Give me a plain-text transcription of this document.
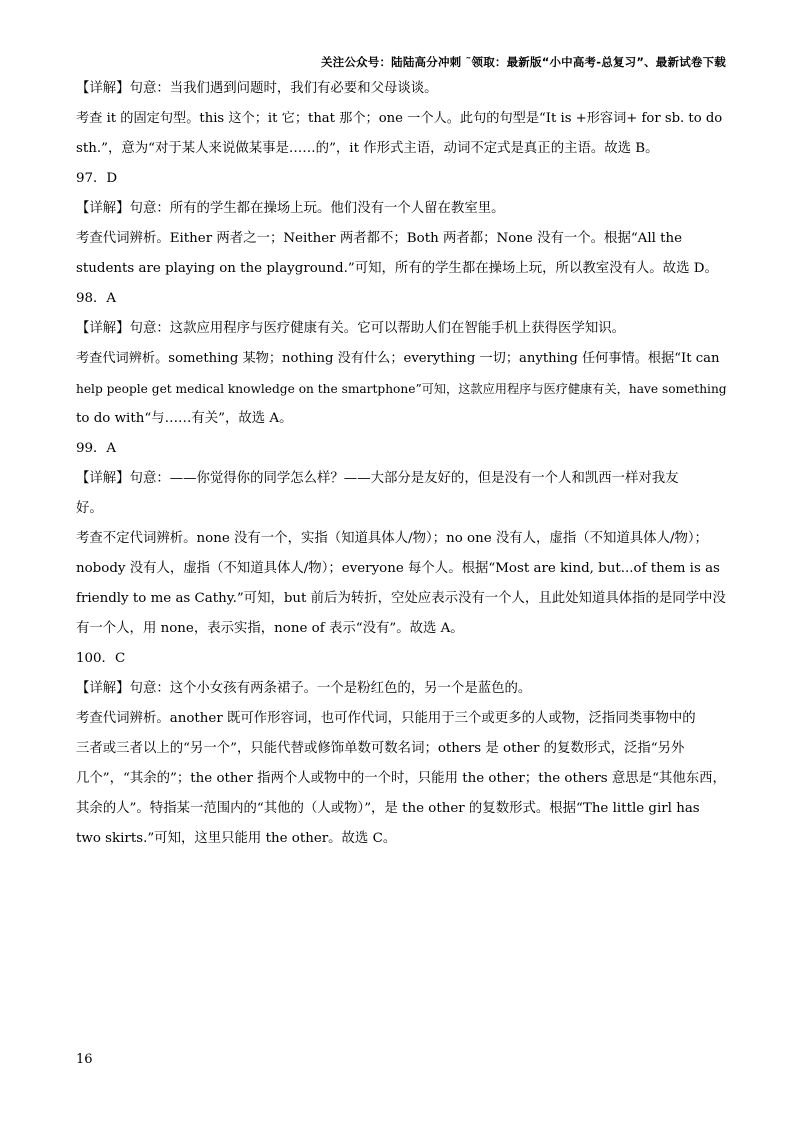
关注公众号：陆陆高分冲刺 ˜领取：最新版“小中高考-总复习”、最新试卷下载
【详解】句意：当我们遇到问题时，我们有必要和父母谈谈。
考查 it 的固定句型。this 这个；it 它；that 那个；one 一个人。此句的句型是“It is +形容词+ for sb. to do
sth.”，意为“对于某人来说做某事是……的”，it 作形式主语，动词不定式是真正的主语。故选 B。
97．D
【详解】句意：所有的学生都在操场上玩。他们没有一个人留在教室里。
考查代词辨析。Either 两者之一；Neither 两者都不；Both 两者都；None 没有一个。根据“All the
students are playing on the playground.”可知，所有的学生都在操场上玩，所以教室没有人。故选 D。
98．A
【详解】句意：这款应用程序与医疗健康有关。它可以帮助人们在智能手机上获得医学知识。
考查代词辨析。something 某物；nothing 没有什么；everything 一切；anything 任何事情。根据“It can
help people get medical knowledge on the smartphone”可知，这款应用程序与医疗健康有关，have something
to do with“与……有关”，故选 A。
99．A
【详解】句意：——你觉得你的同学怎么样？——大部分是友好的，但是没有一个人和凯西一样对我友
好。
考查不定代词辨析。none 没有一个，实指（知道具体人/物）；no one 没有人，虚指（不知道具体人/物）；
nobody 没有人，虚指（不知道具体人/物）；everyone 每个人。根据“Most are kind, but...of them is as
friendly to me as Cathy.”可知，but 前后为转折，空处应表示没有一个人，且此处知道具体指的是同学中没
有一个人，用 none，表示实指，none of 表示“没有”。故选 A。
100．C
【详解】句意：这个小女孩有两条裙子。一个是粉红色的，另一个是蓝色的。
考查代词辨析。another 既可作形容词，也可作代词，只能用于三个或更多的人或物，泛指同类事物中的
三者或三者以上的“另一个”，只能代替或修饰单数可数名词；others 是 other 的复数形式，泛指“另外
几个”，“其余的”；the other 指两个人或物中的一个时，只能用 the other；the others 意思是“其他东西，
其余的人”。特指某一范围内的“其他的（人或物）”，是 the other 的复数形式。根据“The little girl has
two skirts.”可知，这里只能用 the other。故选 C。
16
